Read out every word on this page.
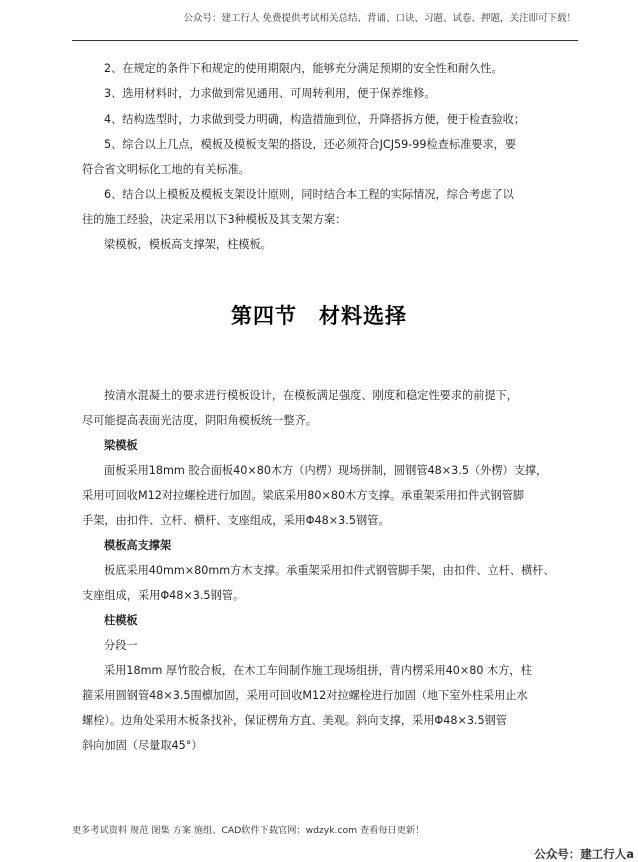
公众号：建工行人 免费提供考试相关总结、背诵、口诀、习题、试卷、押题，关注即可下载！

2、在规定的条件下和规定的使用期限内，能够充分满足预期的安全性和耐久性。

3、选用材料时，力求做到常见通用、可周转利用，便于保养维修。

4、结构选型时，力求做到受力明确，构造措施到位，升降搭拆方便，便于检查验收；

5、综合以上几点，模板及模板支架的搭设，还必须符合JCJ59-99检查标准要求，要

符合省文明标化工地的有关标准。

6、结合以上模板及模板支架设计原则，同时结合本工程的实际情况，综合考虑了以

往的施工经验，决定采用以下3种模板及其支架方案：

梁模板，模板高支撑架，柱模板。

第四节 材料选择

按清水混凝土的要求进行模板设计，在模板满足强度、刚度和稳定性要求的前提下，

尽可能提高表面光洁度，阴阳角模板统一整齐。

梁模板

面板采用18mm 胶合面板40×80木方（内楞）现场拼制，圆钢管48×3.5（外楞）支撑，

采用可回收M12对拉螺栓进行加固。梁底采用80×80木方支撑。承重架采用扣件式钢管脚

手架，由扣件、立杆、横杆、支座组成，采用Φ48×3.5钢管。

模板高支撑架

板底采用40mm×80mm方木支撑。承重架采用扣件式钢管脚手架，由扣件、立杆、横杆、

支座组成，采用Φ48×3.5钢管。

柱模板

分段一

采用18mm 厚竹胶合板，在木工车间制作施工现场组拼，背内楞采用40×80 木方，柱

箍采用圆钢管48×3.5围檩加固，采用可回收M12对拉螺栓进行加固（地下室外柱采用止水

螺栓）。边角处采用木板条找补，保证楞角方直、美观。斜向支撑，采用Φ48×3.5钢管

斜向加固（尽量取45°）

更多考试资料 规范 图集 方案 施组、CAD软件下载官网：wdzyk.com 查看每日更新！
公众号：建工行人a
